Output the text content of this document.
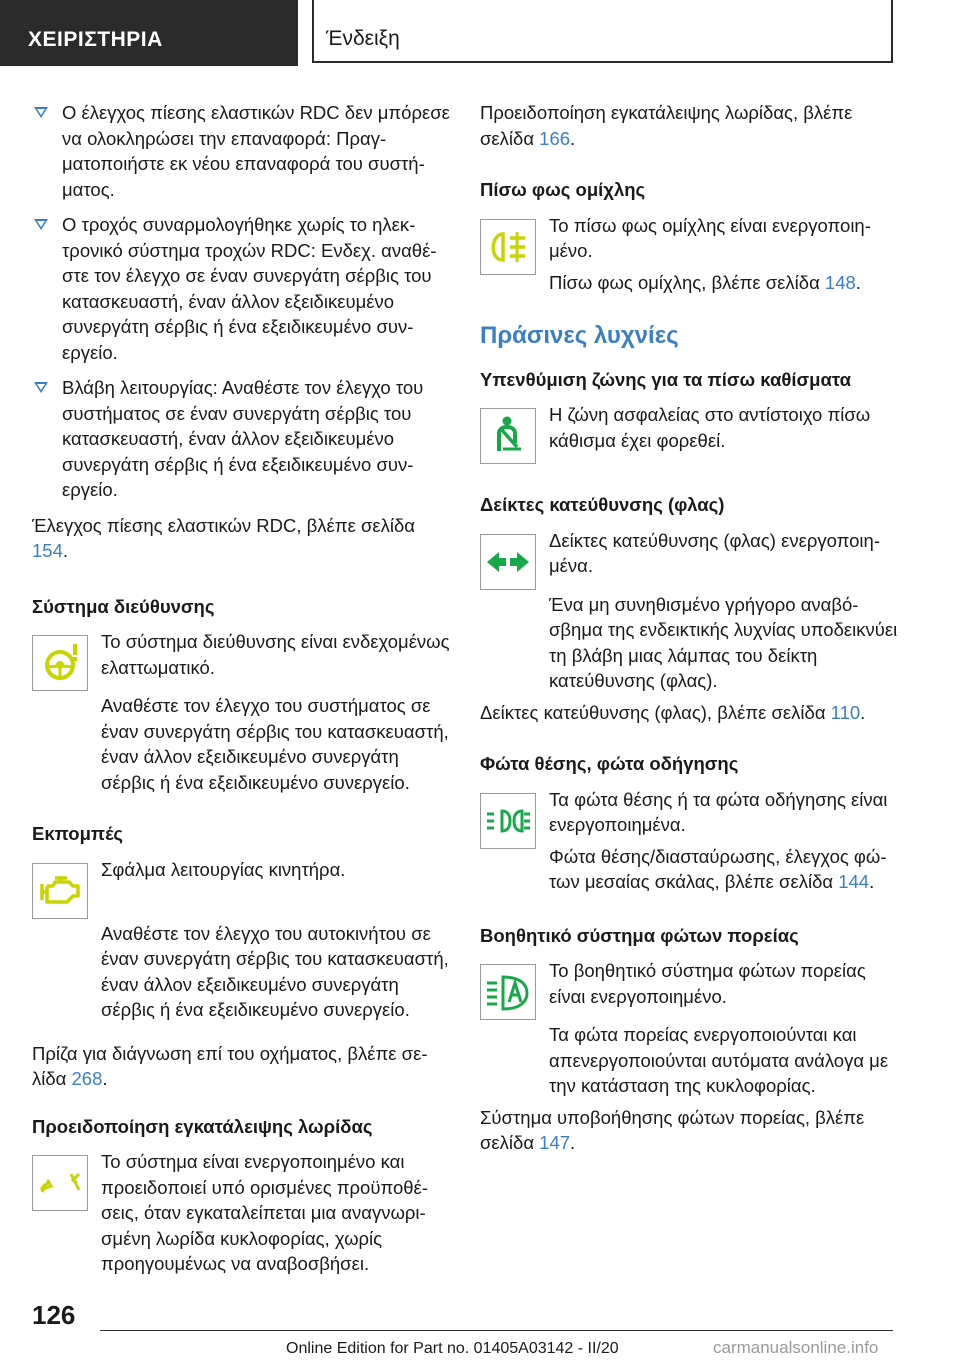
ΧΕΙΡΙΣΤΗΡΙΑ	Ένδειξη

Ο έλεγχος πίεσης ελαστικών RDC δεν μπόρεσε να ολοκληρώσει την επαναφορά: Πραγματοποιήστε εκ νέου επαναφορά του συστήματος.

Ο τροχός συναρμολογήθηκε χωρίς το ηλεκτρονικό σύστημα τροχών RDC: Ενδεχ. αναθέστε τον έλεγχο σε έναν συνεργάτη σέρβις του κατασκευαστή, έναν άλλον εξειδικευμένο συνεργάτη σέρβις ή ένα εξειδικευμένο συνεργείο.

Βλάβη λειτουργίας: Αναθέστε τον έλεγχο του συστήματος σε έναν συνεργάτη σέρβις του κατασκευαστή, έναν άλλον εξειδικευμένο συνεργάτη σέρβις ή ένα εξειδικευμένο συνεργείο.

Έλεγχος πίεσης ελαστικών RDC, βλέπε σελίδα 154.

Σύστημα διεύθυνσης

Το σύστημα διεύθυνσης είναι ενδεχομένως ελαττωματικό.

Αναθέστε τον έλεγχο του συστήματος σε έναν συνεργάτη σέρβις του κατασκευαστή, έναν άλλον εξειδικευμένο συνεργάτη σέρβις ή ένα εξειδικευμένο συνεργείο.

Εκπομπές

Σφάλμα λειτουργίας κινητήρα.

Αναθέστε τον έλεγχο του αυτοκινήτου σε έναν συνεργάτη σέρβις του κατασκευαστή, έναν άλλον εξειδικευμένο συνεργάτη σέρβις ή ένα εξειδικευμένο συνεργείο.

Πρίζα για διάγνωση επί του οχήματος, βλέπε σελίδα 268.

Προειδοποίηση εγκατάλειψης λωρίδας

Το σύστημα είναι ενεργοποιημένο και προειδοποιεί υπό ορισμένες προϋποθέσεις, όταν εγκαταλείπεται μια αναγνωρισμένη λωρίδα κυκλοφορίας, χωρίς προηγουμένως να αναβοσβήσει.

Προειδοποίηση εγκατάλειψης λωρίδας, βλέπε σελίδα 166.

Πίσω φως ομίχλης

Το πίσω φως ομίχλης είναι ενεργοποιημένο.

Πίσω φως ομίχλης, βλέπε σελίδα 148.

Πράσινες λυχνίες

Υπενθύμιση ζώνης για τα πίσω καθίσματα

Η ζώνη ασφαλείας στο αντίστοιχο πίσω κάθισμα έχει φορεθεί.

Δείκτες κατεύθυνσης (φλας)

Δείκτες κατεύθυνσης (φλας) ενεργοποιημένα.

Ένα μη συνηθισμένο γρήγορο αναβόσβημα της ενδεικτικής λυχνίας υποδεικνύει τη βλάβη μιας λάμπας του δείκτη κατεύθυνσης (φλας).

Δείκτες κατεύθυνσης (φλας), βλέπε σελίδα 110.

Φώτα θέσης, φώτα οδήγησης

Τα φώτα θέσης ή τα φώτα οδήγησης είναι ενεργοποιημένα.

Φώτα θέσης/διασταύρωσης, έλεγχος φώτων μεσαίας σκάλας, βλέπε σελίδα 144.

Βοηθητικό σύστημα φώτων πορείας

Το βοηθητικό σύστημα φώτων πορείας είναι ενεργοποιημένο.

Τα φώτα πορείας ενεργοποιούνται και απενεργοποιούνται αυτόματα ανάλογα με την κατάσταση της κυκλοφορίας.

Σύστημα υποβοήθησης φώτων πορείας, βλέπε σελίδα 147.

126
Online Edition for Part no. 01405A03142 - II/20	carmanualsonline.info
